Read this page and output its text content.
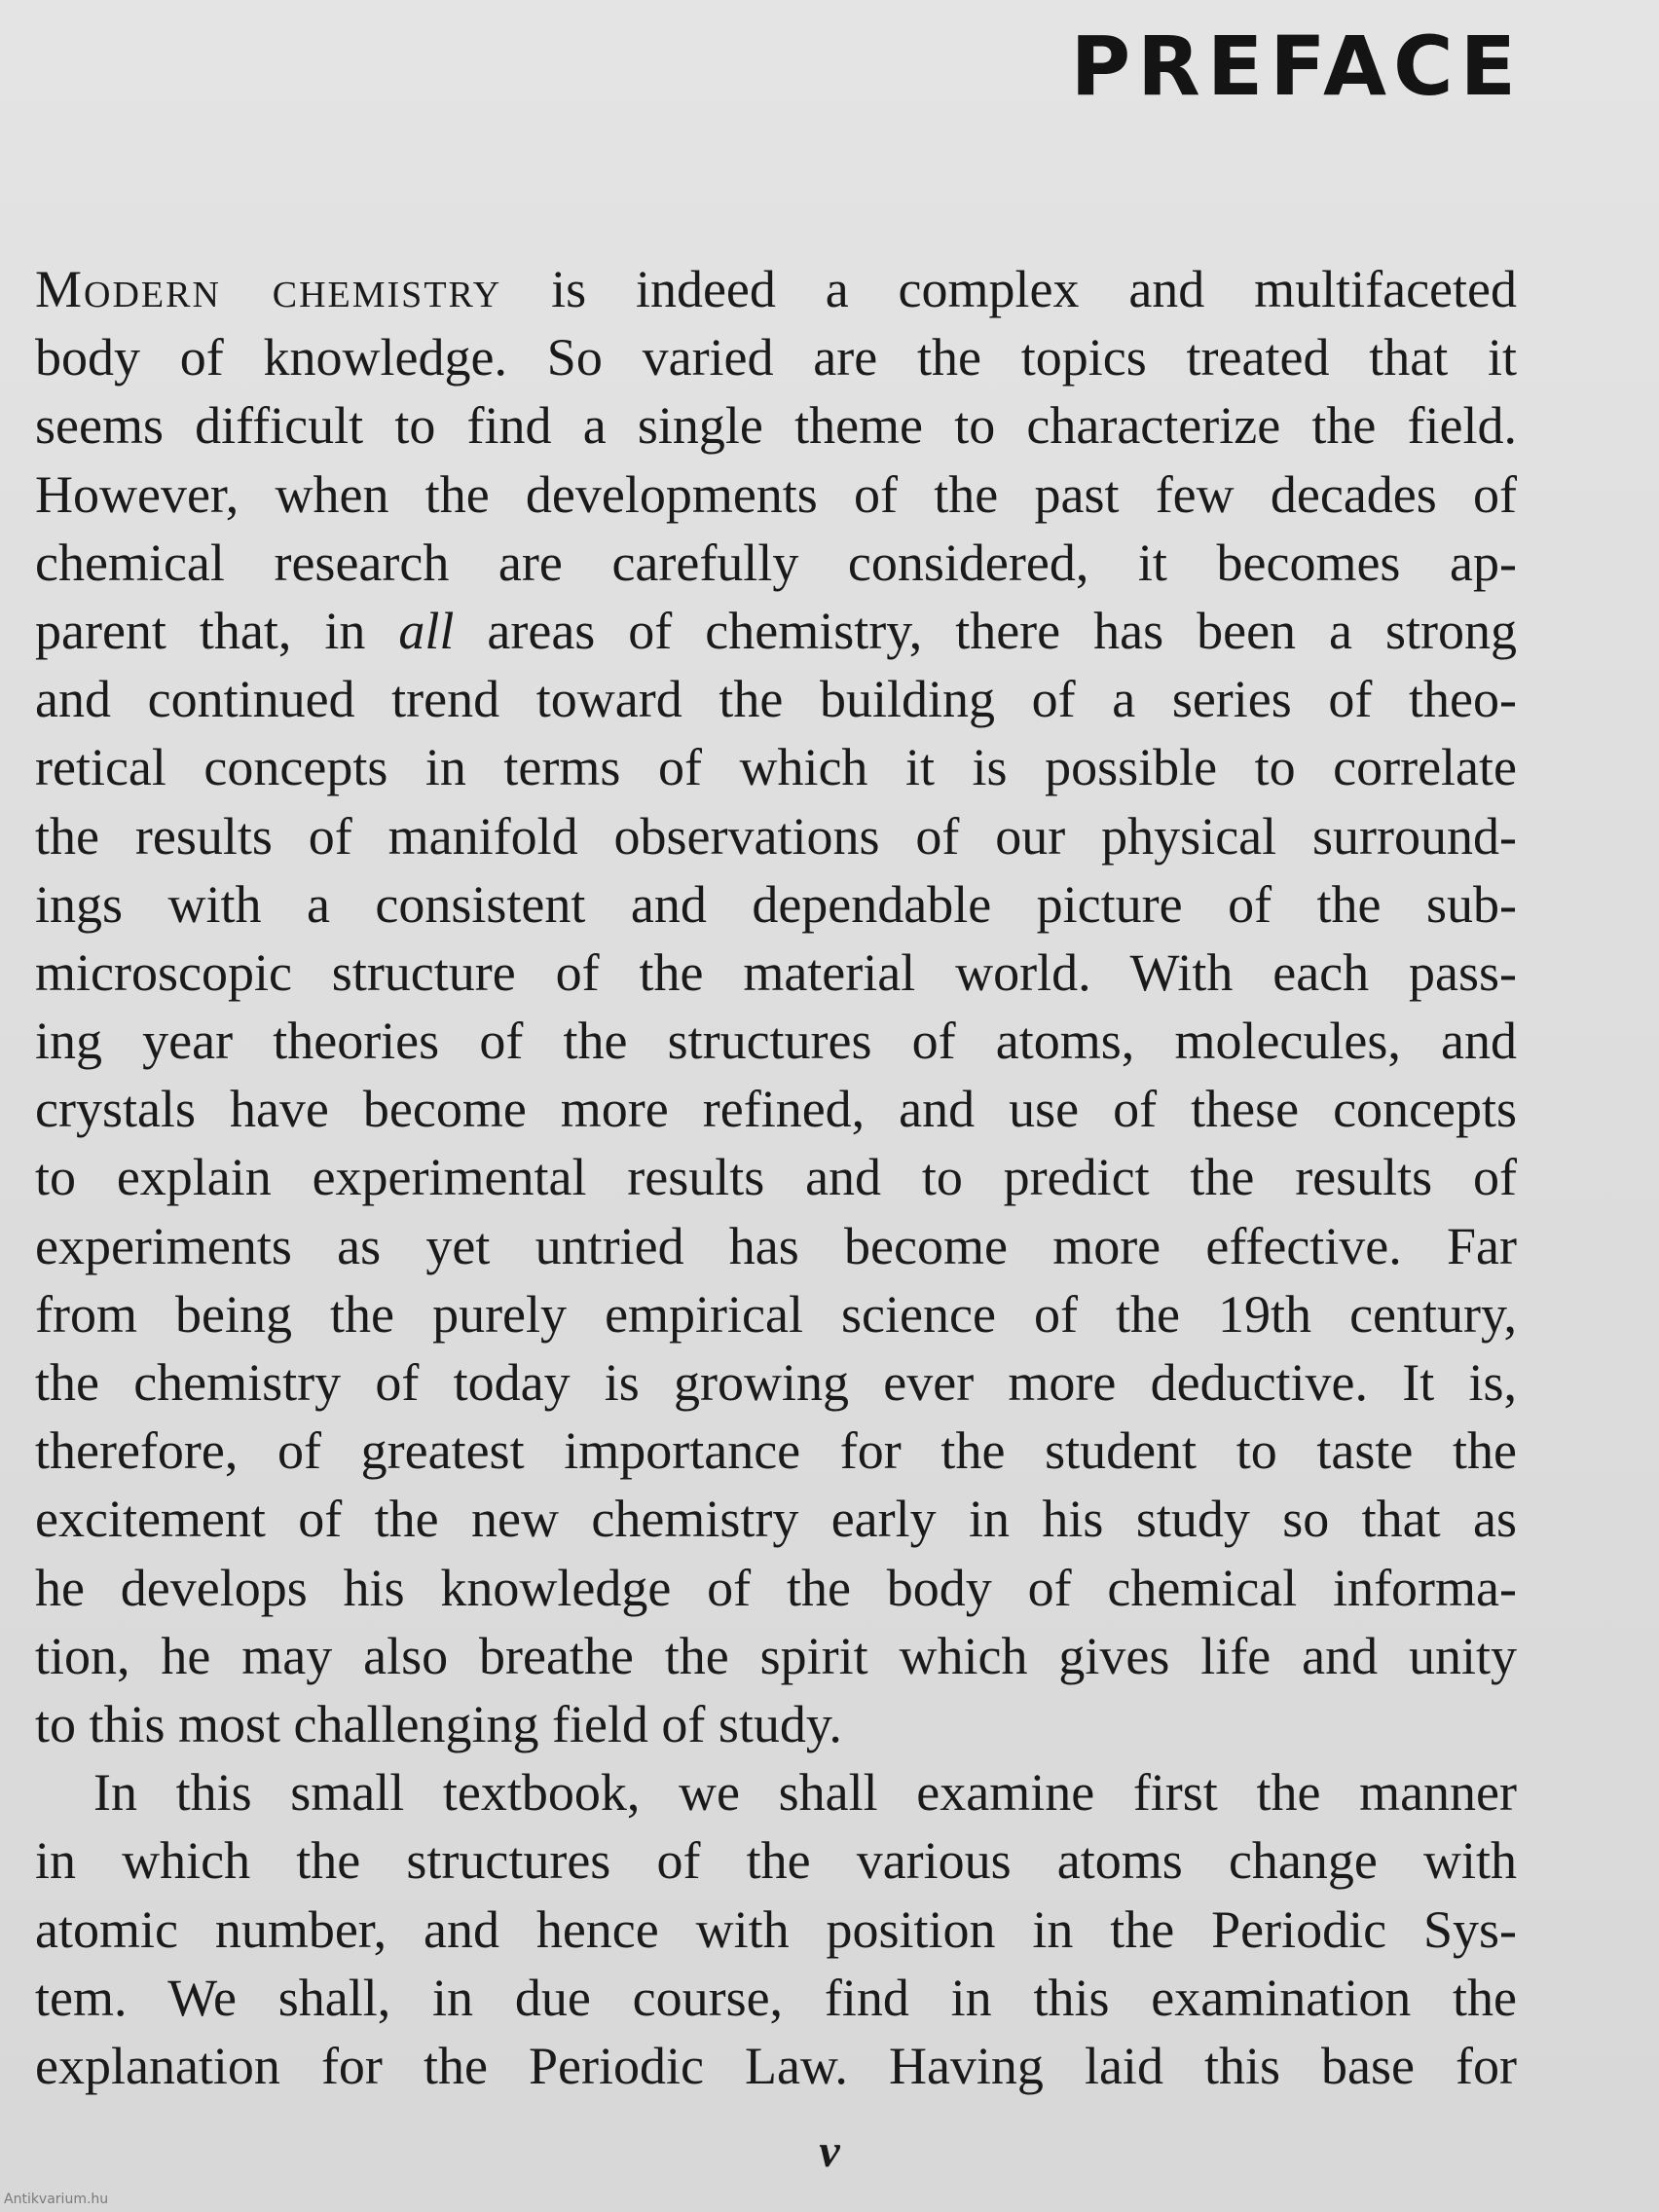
PREFACE
Modern chemistry is indeed a complex and multifaceted
body of knowledge. So varied are the topics treated that it
seems difficult to find a single theme to characterize the field.
However, when the developments of the past few decades of
chemical research are carefully considered, it becomes ap-
parent that, in all areas of chemistry, there has been a strong
and continued trend toward the building of a series of theo-
retical concepts in terms of which it is possible to correlate
the results of manifold observations of our physical surround-
ings with a consistent and dependable picture of the sub-
microscopic structure of the material world. With each pass-
ing year theories of the structures of atoms, molecules, and
crystals have become more refined, and use of these concepts
to explain experimental results and to predict the results of
experiments as yet untried has become more effective. Far
from being the purely empirical science of the 19th century,
the chemistry of today is growing ever more deductive. It is,
therefore, of greatest importance for the student to taste the
excitement of the new chemistry early in his study so that as
he develops his knowledge of the body of chemical informa-
tion, he may also breathe the spirit which gives life and unity
to this most challenging field of study.
In this small textbook, we shall examine first the manner
in which the structures of the various atoms change with
atomic number, and hence with position in the Periodic Sys-
tem. We shall, in due course, find in this examination the
explanation for the Periodic Law. Having laid this base for
v
Antikvarium.hu
